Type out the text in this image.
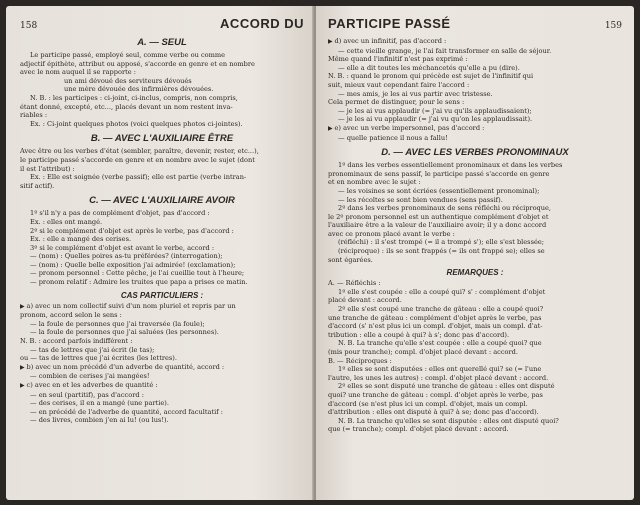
158	ACCORD DU
A. — SEUL

Le participe passé, employé seul, comme verbe ou comme

adjectif épithète, attribut ou apposé, s'accorde en genre et en nombre

avec le nom auquel il se rapporte :

un ami dévoué des serviteurs dévoués

une mère dévouée des infirmières dévouées.

N. B. : les participes : ci-joint, ci-inclus, compris, non compris,

étant donné, excepté, etc..., placés devant un nom restent inva-

riables :

Ex. : Ci-joint quelques photos (voici quelques photos ci-jointes).

B. — AVEC L'AUXILIAIRE ÊTRE

Avec être ou les verbes d'état (sembler, paraître, devenir, rester, etc...),

le participe passé s'accorde en genre et en nombre avec le sujet (dont

il est l'attribut) :

Ex. : Elle est soignée (verbe passif); elle est partie (verbe intran-

sitif actif).

C. — AVEC L'AUXILIAIRE AVOIR

1º s'il n'y a pas de complément d'objet, pas d'accord :

Ex. : elles ont mangé.

2º si le complément d'objet est après le verbe, pas d'accord :

Ex. : elle a mangé des cerises.

3º si le complément d'objet est avant le verbe, accord :

— (nom) : Quelles poires as-tu préférées? (interrogation);

— (nom) : Quelle belle exposition j'ai admirée! (exclamation);

— pronom personnel : Cette pêche, je l'ai cueillie tout à l'heure;

— pronom relatif : Admire les truites que papa a prises ce matin.

CAS PARTICULIERS :

▶ a) avec un nom collectif suivi d'un nom pluriel et repris par un

pronom, accord selon le sens :

— la foule de personnes que j'ai traversée (la foule);

— la foule de personnes que j'ai saluées (les personnes).

N. B. : accord parfois indifférent :

— tas de lettres que j'ai écrit (le tas);

ou — tas de lettres que j'ai écrites (les lettres).

▶ b) avec un nom précédé d'un adverbe de quantité, accord :

— combien de cerises j'ai mangées!

▶ c) avec en et les adverbes de quantité :

— en seul (partitif), pas d'accord :

— des cerises, il en a mangé (une partie).

— en précédé de l'adverbe de quantité, accord facultatif :

— des livres, combien j'en ai lu! (ou lus!).

PARTICIPE PASSÉ	159

▶ d) avec un infinitif, pas d'accord :

— cette vieille grange, je l'ai fait transformer en salle de séjour.

Même quand l'infinitif n'est pas exprimé :

— elle a dit toutes les méchancetés qu'elle a pu (dire).

N. B. : quand le pronom qui précède est sujet de l'infinitif qui

suit, mieux vaut cependant faire l'accord :

— mes amis, je les ai vus partir avec tristesse.

Cela permet de distinguer, pour le sens :

— je les ai vus applaudir (= j'ai vu qu'ils applaudissaient);

— je les ai vu applaudir (= j'ai vu qu'on les applaudissait).

▶ e) avec un verbe impersonnel, pas d'accord :

— quelle patience il nous a fallu!

D. — AVEC LES VERBES PRONOMINAUX

1º dans les verbes essentiellement pronominaux et dans les verbes

pronominaux de sens passif, le participe passé s'accorde en genre

et en nombre avec le sujet :

— les voisines se sont écriées (essentiellement pronominal);

— les récoltes se sont bien vendues (sens passif).

2º dans les verbes pronominaux de sens réfléchi ou réciproque,

le 2º pronom personnel est un authentique complément d'objet et

l'auxiliaire être a la valeur de l'auxiliaire avoir; il y a donc accord

avec ce pronom placé avant le verbe :

(réfléchi) : il s'est trompé (= il a trompé s'); elle s'est blessée;

(réciproque) : ils se sont frappés (= ils ont frappé se); elles se

sont égarées.

REMARQUES :

A. — Réfléchis :

1º elle s'est coupée : elle a coupé qui? s' : complément d'objet

placé devant : accord.

2º elle s'est coupé une tranche de gâteau : elle a coupé quoi?

une tranche de gâteau : complément d'objet après le verbe, pas

d'accord (s' n'est plus ici un compl. d'objet, mais un compl. d'at-

tribution : elle a coupé à qui? à s'; donc pas d'accord).

N. B. La tranche qu'elle s'est coupée : elle a coupé quoi? que

(mis pour tranche); compl. d'objet placé devant : accord.

B. — Réciproques :

1º elles se sont disputées : elles ont querellé qui? se (= l'une

l'autre, les unes les autres) : compl. d'objet placé devant : accord.

2º elles se sont disputé une tranche de gâteau : elles ont disputé

quoi? une tranche de gâteau : compl. d'objet après le verbe, pas

d'accord (se n'est plus ici un compl. d'objet, mais un compl.

d'attribution : elles ont disputé à qui? à se; donc pas d'accord).

N. B. La tranche qu'elles se sont disputée : elles ont disputé quoi?

que (= tranche); compl. d'objet placé devant : accord.
